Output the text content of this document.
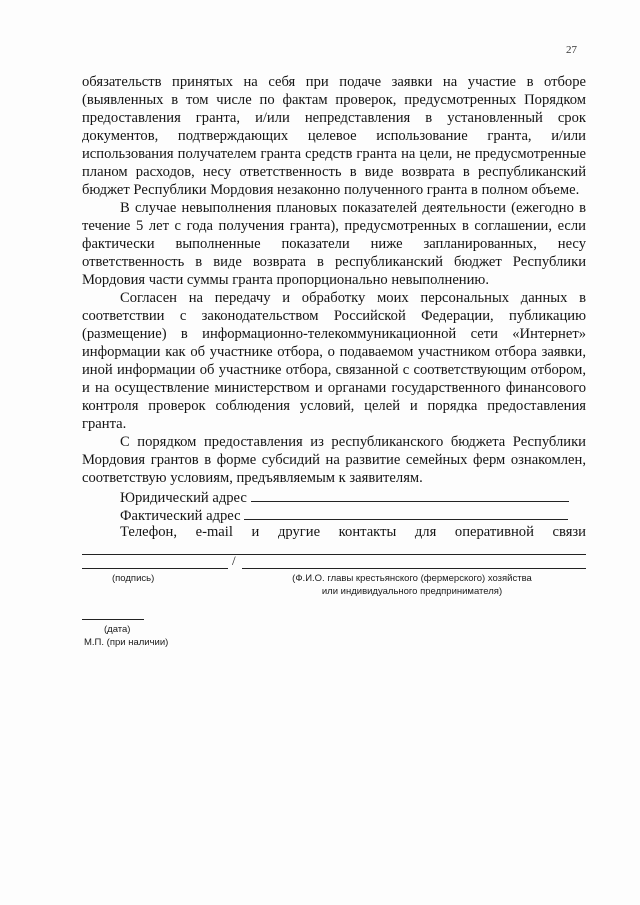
27

обязательств принятых на себя при подаче заявки на участие в отборе (выявленных в том числе по фактам проверок, предусмотренных Порядком предоставления гранта, и/или непредставления в установленный срок документов, подтверждающих целевое использование гранта, и/или использования получателем гранта средств гранта на цели, не предусмотренные планом расходов, несу ответственность в виде возврата в республиканский бюджет Республики Мордовия незаконно полученного гранта в полном объеме.

В случае невыполнения плановых показателей деятельности (ежегодно в течение 5 лет с года получения гранта), предусмотренных в соглашении, если фактически выполненные показатели ниже запланированных, несу ответственность в виде возврата в республиканский бюджет Республики Мордовия части суммы гранта пропорционально невыполнению.

Согласен на передачу и обработку моих персональных данных в соответствии с законодательством Российской Федерации, публикацию (размещение) в информационно-телекоммуникационной сети «Интернет» информации как об участнике отбора, о подаваемом участником отбора заявки, иной информации об участнике отбора, связанной с соответствующим отбором, и на осуществление министерством и органами государственного финансового контроля проверок соблюдения условий, целей и порядка предоставления гранта.

С порядком предоставления из республиканского бюджета Республики Мордовия грантов в форме субсидий на развитие семейных ферм ознакомлен, соответствую условиям, предъявляемым к заявителям.

Юридический адрес
Фактический адрес
Телефон, e-mail и другие контакты для оперативной связи
/
(подпись)	(Ф.И.О. главы крестьянского (фермерского) хозяйства
или индивидуального предпринимателя)
(дата)
М.П. (при наличии)
